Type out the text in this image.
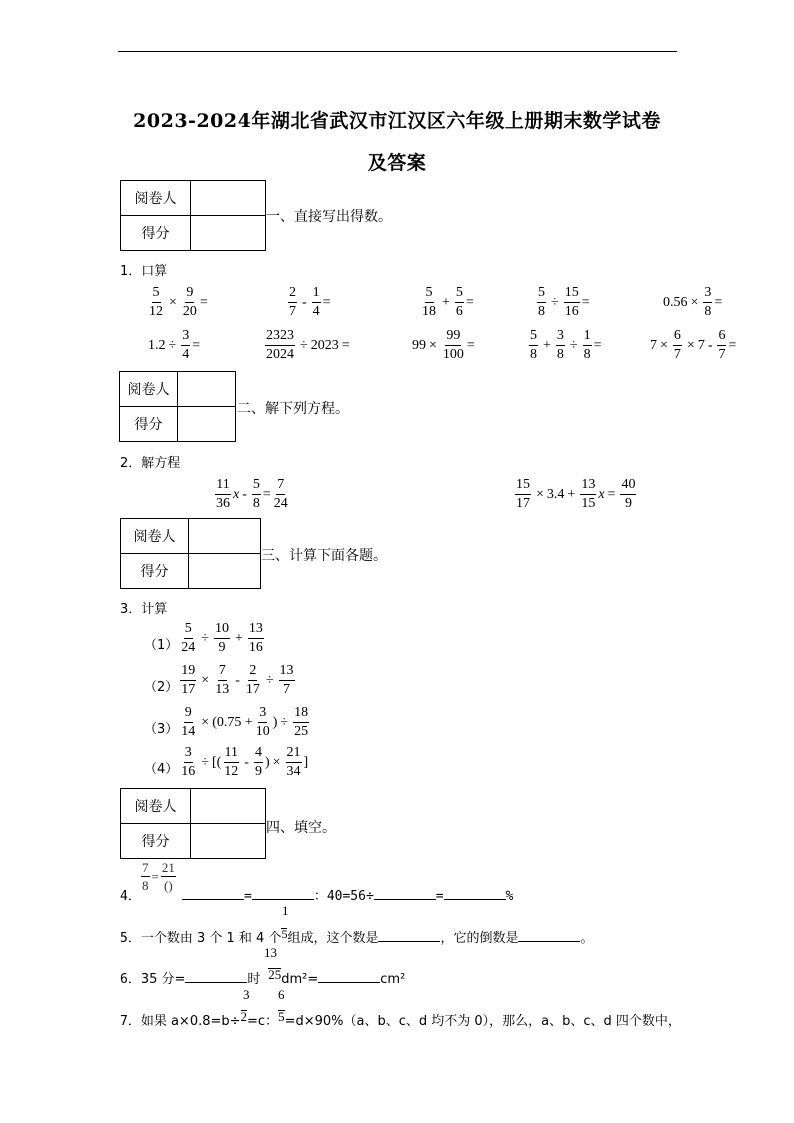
2023-2024年湖北省武汉市江汉区六年级上册期末数学试卷
及答案
阅卷人	
得分	
一、直接写出得数。
1．口算
$\frac{5}{12} \times \frac{9}{20}$ =	$\frac{2}{7} - \frac{1}{4}$ =	$\frac{5}{18} + \frac{5}{6}$ =	$\frac{5}{8} \div \frac{15}{16}$ =	$0.56 \times \frac{3}{8}$ =
$1.2 \div \frac{3}{4}$ =	$\frac{2323}{2024} \div 2023$ =	$99 \times \frac{99}{100}$ =	$\frac{5}{8} + \frac{3}{8} \div \frac{1}{8}$ =	$7 \times \frac{6}{7} \times 7 - \frac{6}{7}$ =
阅卷人	
得分	
二、解下列方程。
2．解方程
$\frac{11}{36}$ $x - \frac{5}{8} = \frac{7}{24}$	$\frac{15}{17} \times 3.4 + \frac{13}{15}$ $x = \frac{40}{9}$
阅卷人	
得分	
三、计算下面各题。
3．计算
$(1) \frac{5}{24} \div \frac{10}{9} + \frac{13}{16}$
$(2) \frac{19}{17} \times \frac{7}{13} - \frac{2}{17} \div \frac{13}{7}$
$(3) \frac{9}{14} \times (0.75 + \frac{3}{10}$ ) ÷ $\frac{18}{25}$
$(4) \frac{3}{16}$ ÷ [( $\frac{11}{12} - \frac{4}{9}$ ) × $\frac{21}{34}$ ]
阅卷人	
得分	
四、填空。
4．
$\frac{7}{8} = \frac{21}{()}$
=	：40=56÷	=	%
1
5．一个数由 3 个 1 和 4 个5组成，这个数是	，它的倒数是	。
13
6．35 分=	时 25dm²=	cm²
3 6
7．如果 a×0.8=b÷2=c：5=d×90%（a、b、c、d 均不为 0），那么，a、b、c、d 四个数中，
